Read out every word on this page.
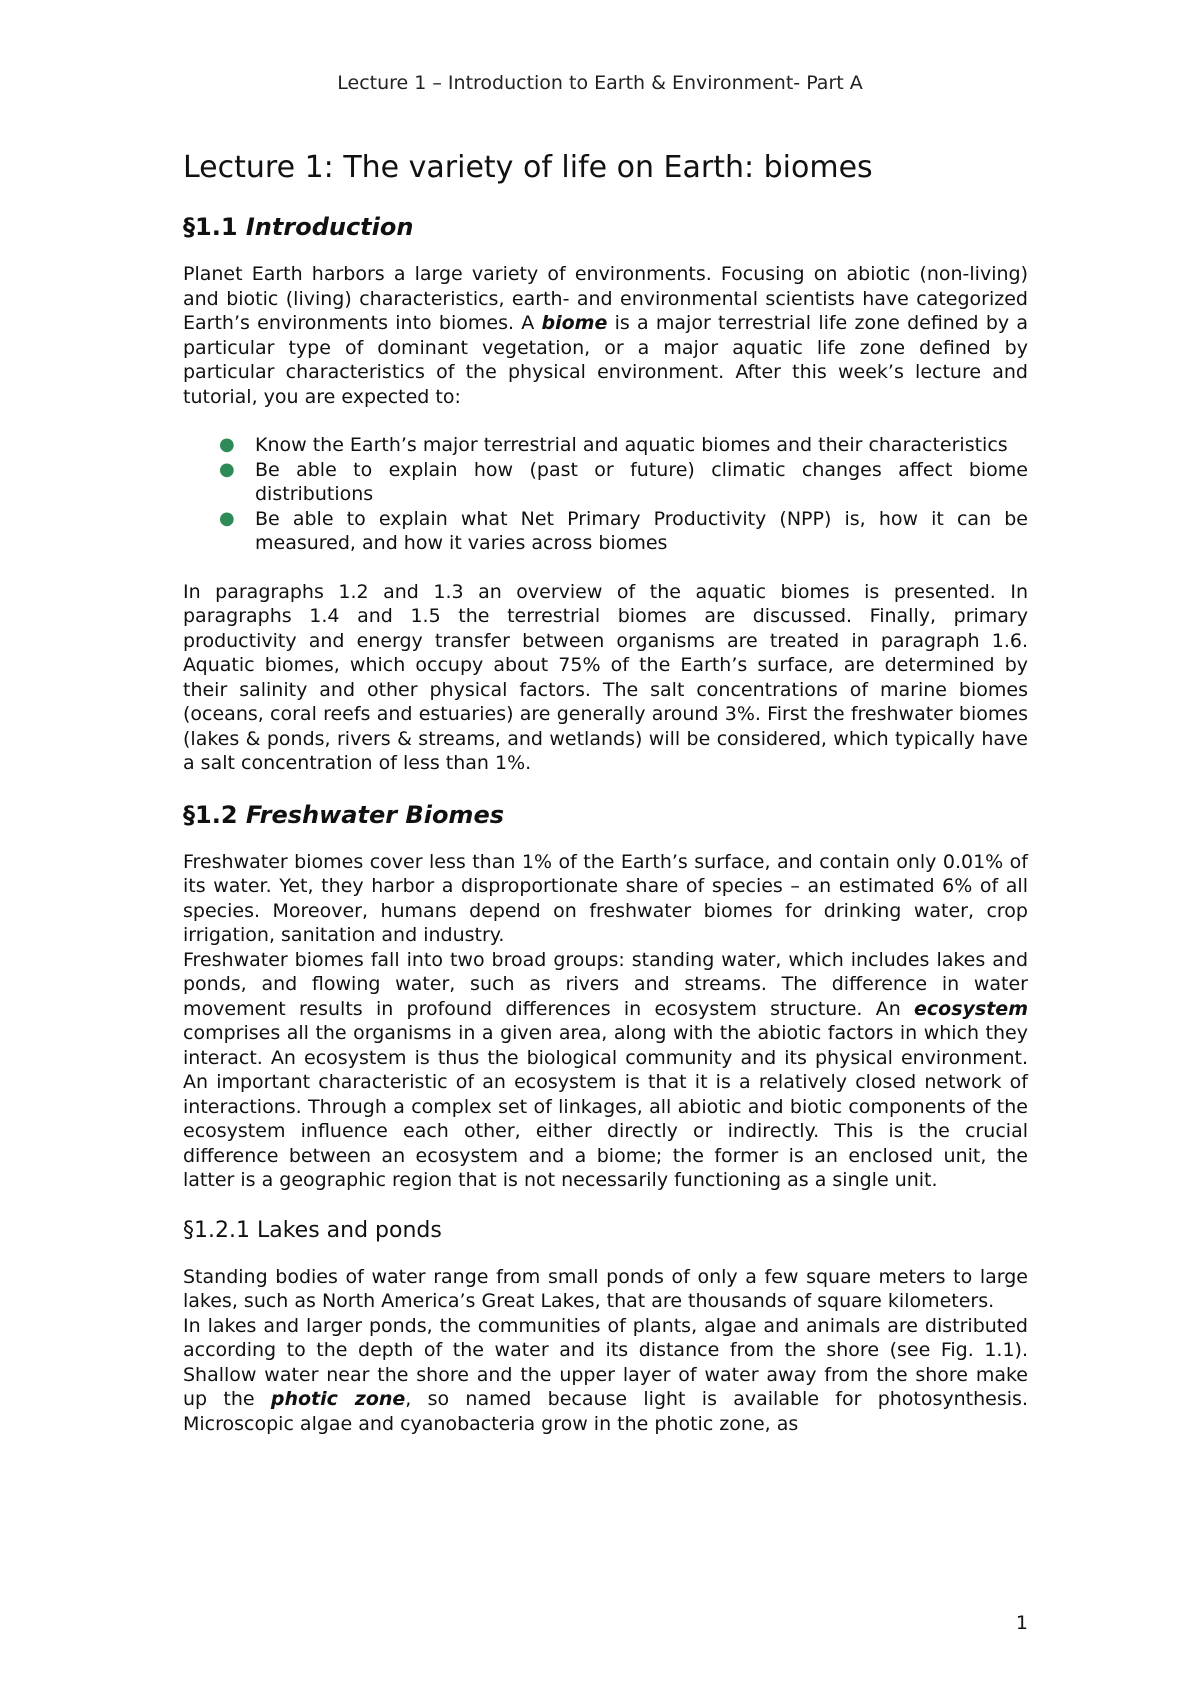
Lecture 1 – Introduction to Earth & Environment- Part A
Lecture 1: The variety of life on Earth: biomes
§1.1 Introduction

Planet Earth harbors a large variety of environments. Focusing on abiotic (non-living) and biotic (living) characteristics, earth- and environmental scientists have categorized Earth’s environments into biomes. A biome is a major terrestrial life zone defined by a particular type of dominant vegetation, or a major aquatic life zone defined by particular characteristics of the physical environment. After this week’s lecture and tutorial, you are expected to:

● Know the Earth’s major terrestrial and aquatic biomes and their characteristics
● Be able to explain how (past or future) climatic changes affect biome distributions
● Be able to explain what Net Primary Productivity (NPP) is, how it can be measured, and how it varies across biomes

In paragraphs 1.2 and 1.3 an overview of the aquatic biomes is presented. In paragraphs 1.4 and 1.5 the terrestrial biomes are discussed. Finally, primary productivity and energy transfer between organisms are treated in paragraph 1.6. Aquatic biomes, which occupy about 75% of the Earth’s surface, are determined by their salinity and other physical factors. The salt concentrations of marine biomes (oceans, coral reefs and estuaries) are generally around 3%. First the freshwater biomes (lakes & ponds, rivers & streams, and wetlands) will be considered, which typically have a salt concentration of less than 1%.

§1.2 Freshwater Biomes

Freshwater biomes cover less than 1% of the Earth’s surface, and contain only 0.01% of its water. Yet, they harbor a disproportionate share of species – an estimated 6% of all species. Moreover, humans depend on freshwater biomes for drinking water, crop irrigation, sanitation and industry.

Freshwater biomes fall into two broad groups: standing water, which includes lakes and ponds, and flowing water, such as rivers and streams. The difference in water movement results in profound differences in ecosystem structure. An ecosystem comprises all the organisms in a given area, along with the abiotic factors in which they interact. An ecosystem is thus the biological community and its physical environment. An important characteristic of an ecosystem is that it is a relatively closed network of interactions. Through a complex set of linkages, all abiotic and biotic components of the ecosystem influence each other, either directly or indirectly. This is the crucial difference between an ecosystem and a biome; the former is an enclosed unit, the latter is a geographic region that is not necessarily functioning as a single unit.

§1.2.1 Lakes and ponds

Standing bodies of water range from small ponds of only a few square meters to large lakes, such as North America’s Great Lakes, that are thousands of square kilometers.

In lakes and larger ponds, the communities of plants, algae and animals are distributed according to the depth of the water and its distance from the shore (see Fig. 1.1). Shallow water near the shore and the upper layer of water away from the shore make up the photic zone, so named because light is available for photosynthesis. Microscopic algae and cyanobacteria grow in the photic zone, as

1
